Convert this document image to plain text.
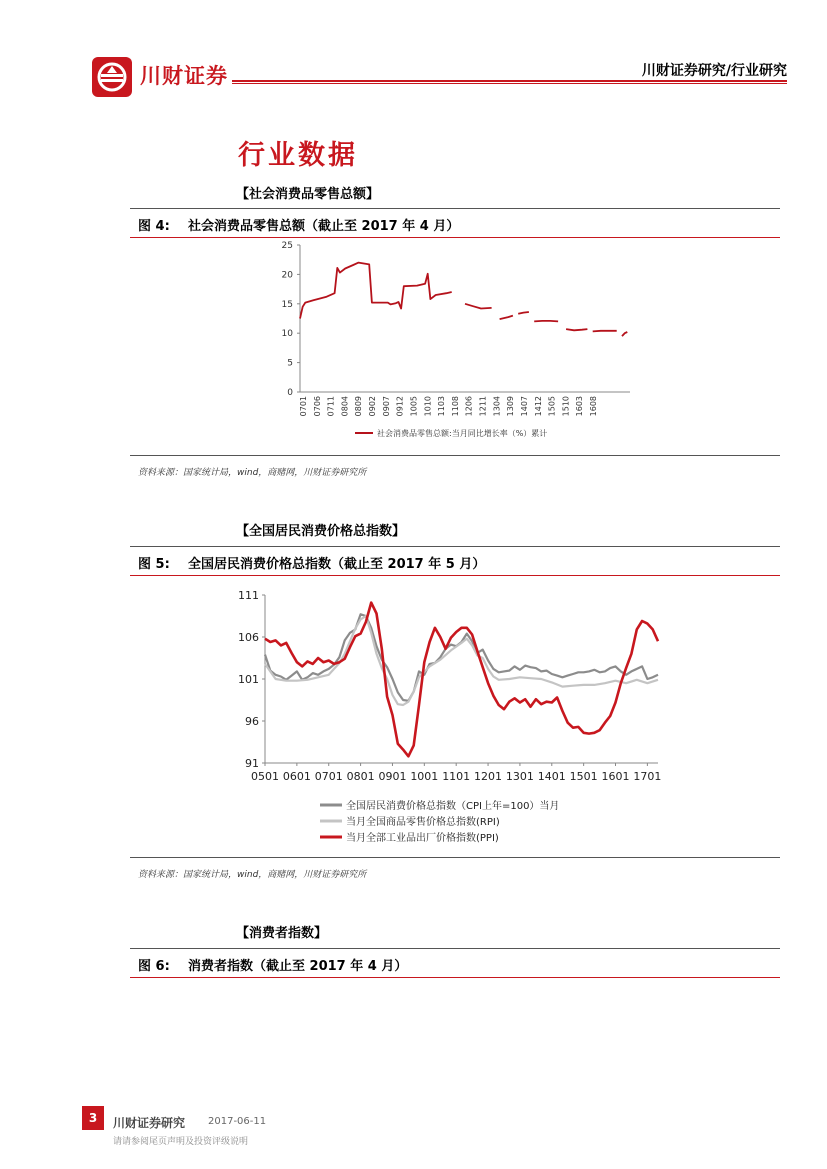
川财证券	川财证券研究/行业研究
行业数据
【社会消费品零售总额】
图 4: 社会消费品零售总额（截止至 2017 年 4 月）
0
5
10
15
20
25
0701 0706 0711 0804 0809 0902 0907 0912 1005 1010 1103 1108 1206 1211 1304 1309 1407 1412 1505 1510 1603 1608
社会消费品零售总额:当月同比增长率（%）累计
资料来源：国家统计局，wind，商赌网，川财证券研究所
【全国居民消费价格总指数】
图 5: 全国居民消费价格总指数（截止至 2017 年 5 月）
91
96
101
106
111
0501 0601 0701 0801 0901 1001 1101 1201 1301 1401 1501 1601 1701
全国居民消费价格总指数（CPI上年=100）当月
当月全国商品零售价格总指数(RPI)
当月全部工业品出厂价格指数(PPI)
资料来源：国家统计局，wind，商赌网，川财证券研究所
【消费者指数】
图 6: 消费者指数（截止至 2017 年 4 月）
3	川财证券研究 2017-06-11
请请参阅尾页声明及投资评级说明
